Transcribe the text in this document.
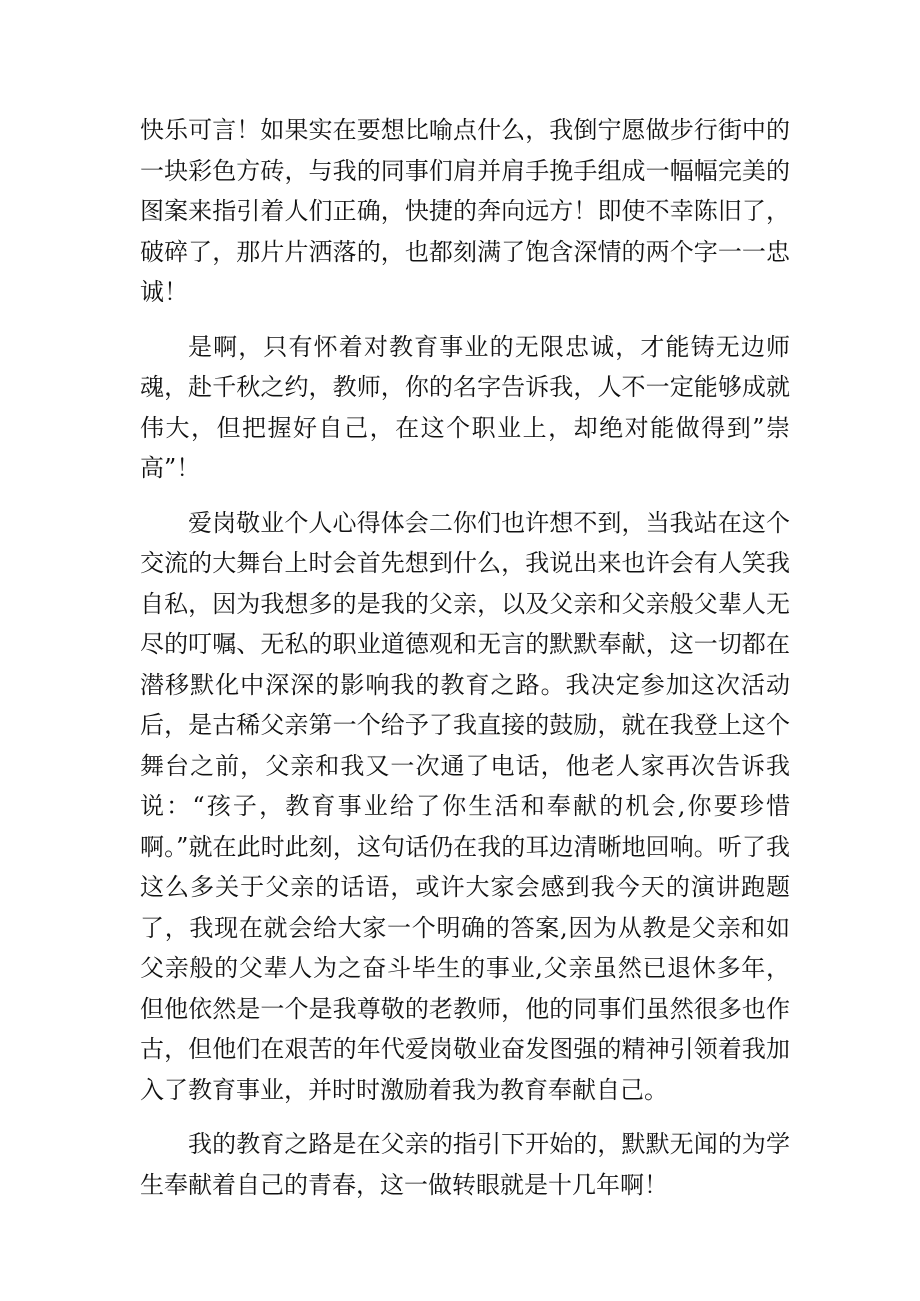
快乐可言！如果实在要想比喻点什么，我倒宁愿做步行街中的一块彩色方砖，与我的同事们肩并肩手挽手组成一幅幅完美的图案来指引着人们正确，快捷的奔向远方！即使不幸陈旧了，破碎了，那片片洒落的，也都刻满了饱含深情的两个字一一忠诚！

是啊，只有怀着对教育事业的无限忠诚，才能铸无边师魂，赴千秋之约，教师，你的名字告诉我，人不一定能够成就伟大，但把握好自己，在这个职业上，却绝对能做得到”崇高”！

爱岗敬业个人心得体会二你们也许想不到，当我站在这个交流的大舞台上时会首先想到什么，我说出来也许会有人笑我自私，因为我想多的是我的父亲，以及父亲和父亲般父辈人无尽的叮嘱、无私的职业道德观和无言的默默奉献，这一切都在潜移默化中深深的影响我的教育之路。我决定参加这次活动后，是古稀父亲第一个给予了我直接的鼓励，就在我登上这个舞台之前，父亲和我又一次通了电话，他老人家再次告诉我说：“孩子，教育事业给了你生活和奉献的机会,你要珍惜啊。”就在此时此刻，这句话仍在我的耳边清晰地回响。听了我这么多关于父亲的话语，或许大家会感到我今天的演讲跑题了，我现在就会给大家一个明确的答案,因为从教是父亲和如父亲般的父辈人为之奋斗毕生的事业,父亲虽然已退休多年，但他依然是一个是我尊敬的老教师，他的同事们虽然很多也作古，但他们在艰苦的年代爱岗敬业奋发图强的精神引领着我加入了教育事业，并时时激励着我为教育奉献自己。

我的教育之路是在父亲的指引下开始的，默默无闻的为学生奉献着自己的青春，这一做转眼就是十几年啊！
